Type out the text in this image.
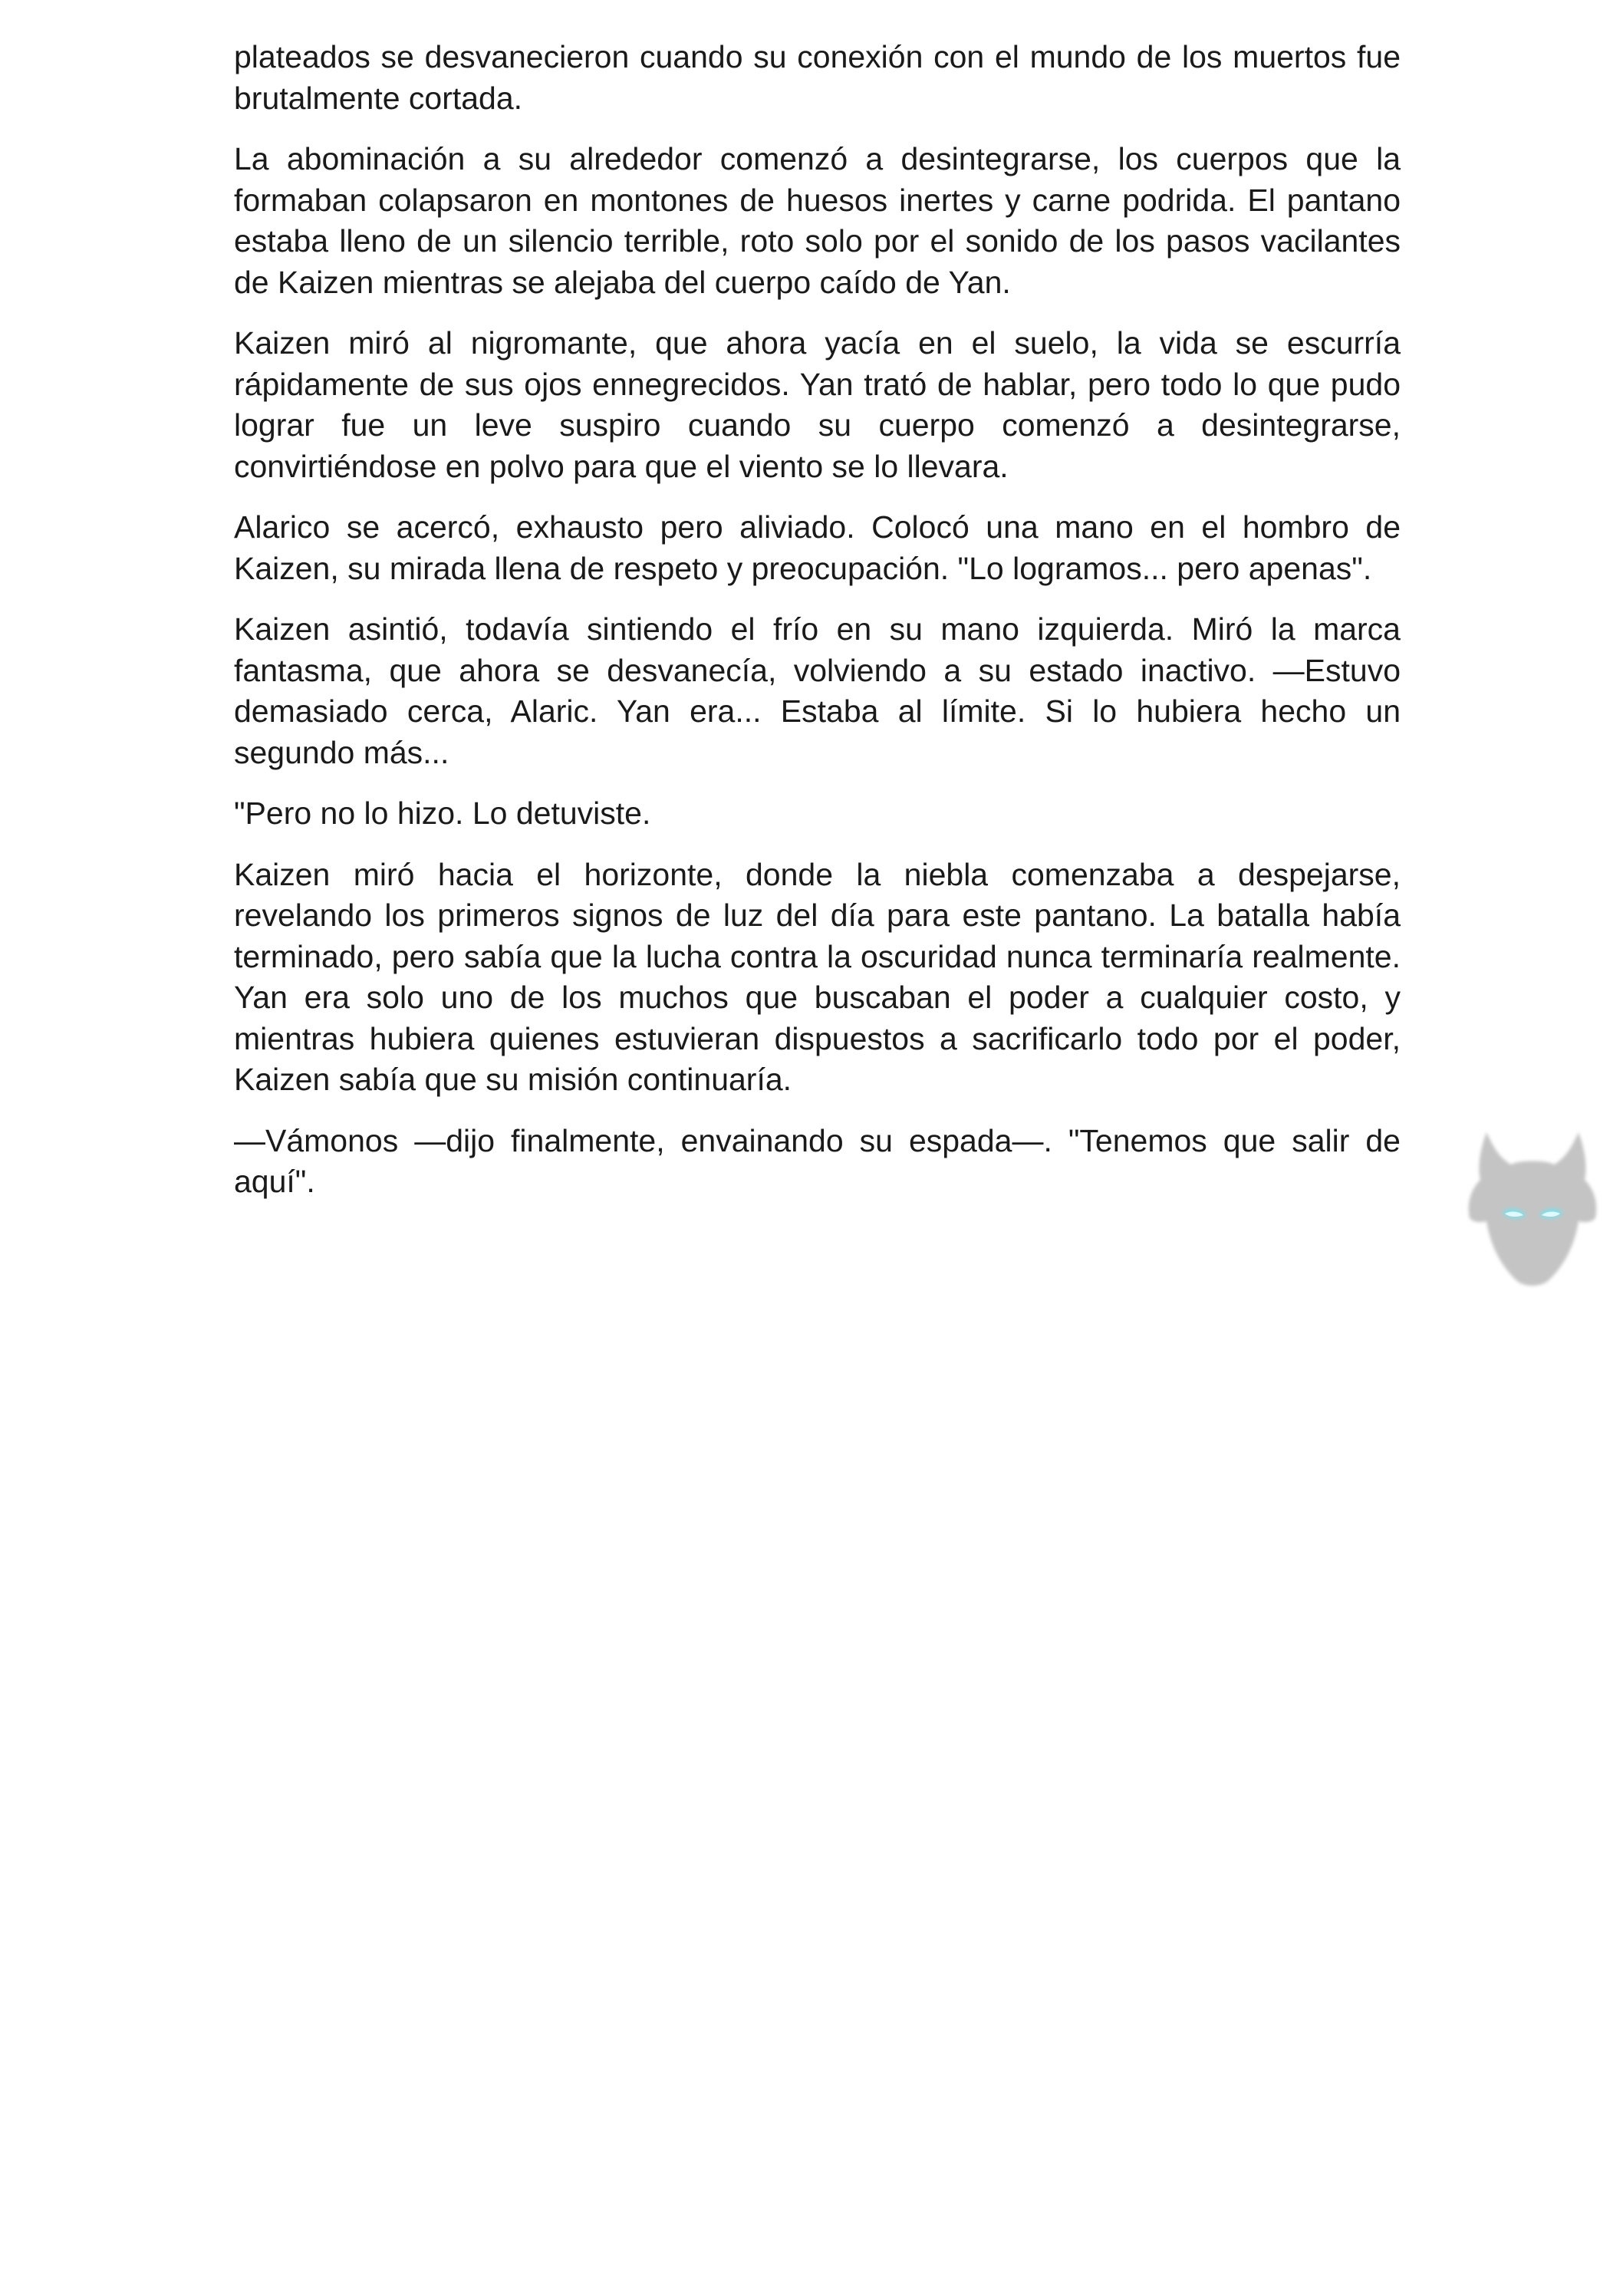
plateados se desvanecieron cuando su conexión con el mundo de los muertos fue brutalmente cortada.

La abominación a su alrededor comenzó a desintegrarse, los cuerpos que la formaban colapsaron en montones de huesos inertes y carne podrida. El pantano estaba lleno de un silencio terrible, roto solo por el sonido de los pasos vacilantes de Kaizen mientras se alejaba del cuerpo caído de Yan.

Kaizen miró al nigromante, que ahora yacía en el suelo, la vida se escurría rápidamente de sus ojos ennegrecidos. Yan trató de hablar, pero todo lo que pudo lograr fue un leve suspiro cuando su cuerpo comenzó a desintegrarse, convirtiéndose en polvo para que el viento se lo llevara.

Alarico se acercó, exhausto pero aliviado. Colocó una mano en el hombro de Kaizen, su mirada llena de respeto y preocupación. "Lo logramos... pero apenas".

Kaizen asintió, todavía sintiendo el frío en su mano izquierda. Miró la marca fantasma, que ahora se desvanecía, volviendo a su estado inactivo. —Estuvo demasiado cerca, Alaric. Yan era... Estaba al límite. Si lo hubiera hecho un segundo más...

"Pero no lo hizo. Lo detuviste.

Kaizen miró hacia el horizonte, donde la niebla comenzaba a despejarse, revelando los primeros signos de luz del día para este pantano. La batalla había terminado, pero sabía que la lucha contra la oscuridad nunca terminaría realmente. Yan era solo uno de los muchos que buscaban el poder a cualquier costo, y mientras hubiera quienes estuvieran dispuestos a sacrificarlo todo por el poder, Kaizen sabía que su misión continuaría.

—Vámonos —dijo finalmente, envainando su espada—. "Tenemos que salir de aquí".
